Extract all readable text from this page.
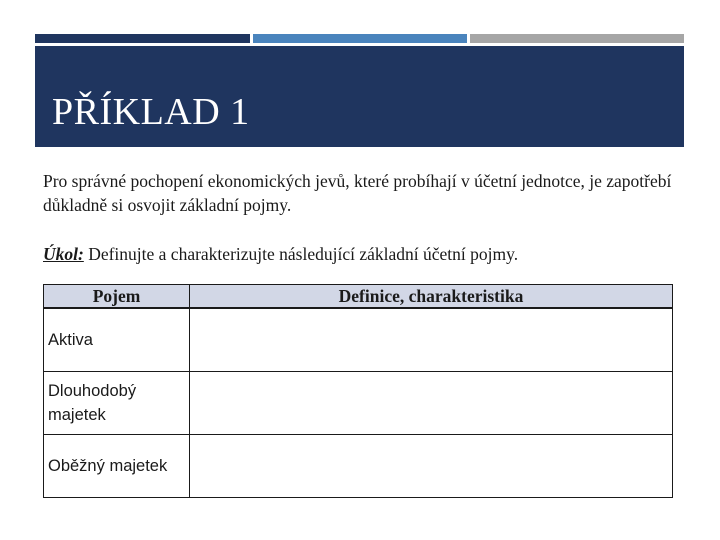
PŘÍKLAD 1

Pro správné pochopení ekonomických jevů, které probíhají v účetní jednotce, je zapotřebí důkladně si osvojit základní pojmy.

Úkol: Definujte a charakterizujte následující základní účetní pojmy.

Pojem	Definice, charakteristika
Aktiva	
Dlouhodobý majetek	
Oběžný majetek	
